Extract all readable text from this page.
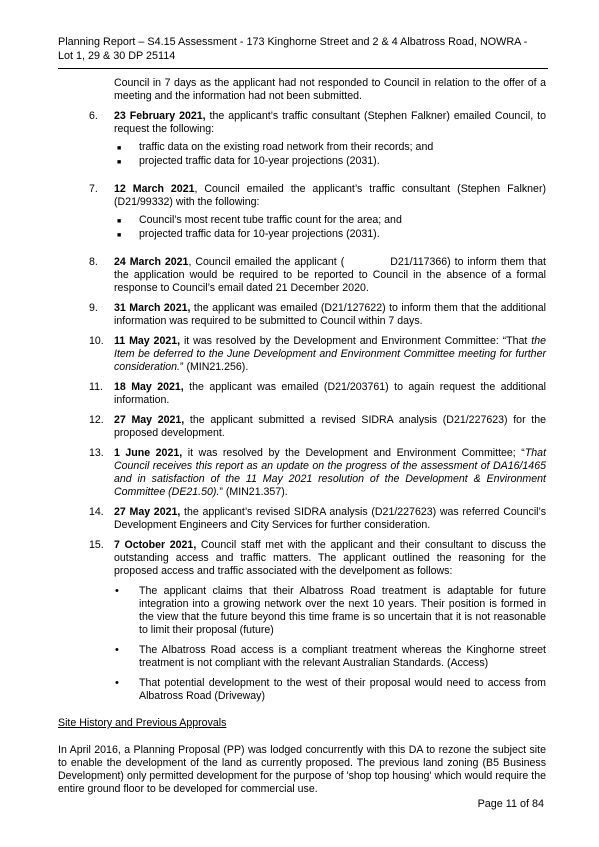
Planning Report – S4.15 Assessment - 173 Kinghorne Street and 2 & 4 Albatross Road, NOWRA -
Lot 1, 29 & 30 DP 25114
Council in 7 days as the applicant had not responded to Council in relation to the offer of a meeting and the information had not been submitted.
6. 23 February 2021, the applicant’s traffic consultant (Stephen Falkner) emailed Council, to request the following:
■ traffic data on the existing road network from their records; and
■ projected traffic data for 10-year projections (2031).
7. 12 March 2021, Council emailed the applicant’s traffic consultant (Stephen Falkner) (D21/99332) with the following:
■ Council’s most recent tube traffic count for the area; and
■ projected traffic data for 10-year projections (2031).
8. 24 March 2021, Council emailed the applicant (	D21/117366) to inform them that the application would be required to be reported to Council in the absence of a formal response to Council’s email dated 21 December 2020.
9. 31 March 2021, the applicant was emailed (D21/127622) to inform them that the additional information was required to be submitted to Council within 7 days.
10. 11 May 2021, it was resolved by the Development and Environment Committee: “That the Item be deferred to the June Development and Environment Committee meeting for further consideration.” (MIN21.256).
11. 18 May 2021, the applicant was emailed (D21/203761) to again request the additional information.
12. 27 May 2021, the applicant submitted a revised SIDRA analysis (D21/227623) for the proposed development.
13. 1 June 2021, it was resolved by the Development and Environment Committee; “That Council receives this report as an update on the progress of the assessment of DA16/1465 and in satisfaction of the 11 May 2021 resolution of the Development & Environment Committee (DE21.50).” (MIN21.357).
14. 27 May 2021, the applicant’s revised SIDRA analysis (D21/227623) was referred Council’s Development Engineers and City Services for further consideration.
15. 7 October 2021, Council staff met with the applicant and their consultant to discuss the outstanding access and traffic matters. The applicant outlined the reasoning for the proposed access and traffic associated with the develpoment as follows:
• The applicant claims that their Albatross Road treatment is adaptable for future integration into a growing network over the next 10 years. Their position is formed in the view that the future beyond this time frame is so uncertain that it is not reasonable to limit their proposal (future)
• The Albatross Road access is a compliant treatment whereas the Kinghorne street treatment is not compliant with the relevant Australian Standards. (Access)
• That potential development to the west of their proposal would need to access from Albatross Road (Driveway)
Site History and Previous Approvals
In April 2016, a Planning Proposal (PP) was lodged concurrently with this DA to rezone the subject site to enable the development of the land as currently proposed. The previous land zoning (B5 Business Development) only permitted development for the purpose of 'shop top housing' which would require the entire ground floor to be developed for commercial use.
Page 11 of 84
